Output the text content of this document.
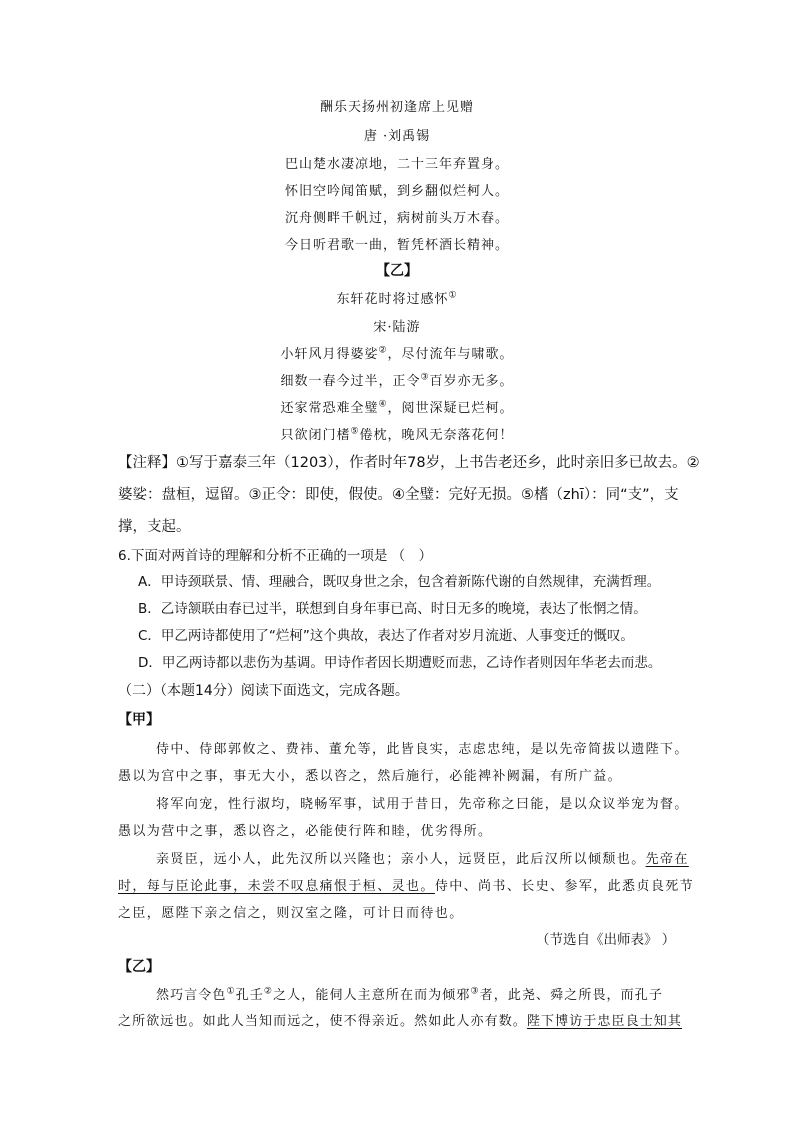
酬乐天扬州初逢席上见赠
唐 ·刘禹锡
巴山楚水凄凉地，二十三年弃置身。
怀旧空吟闻笛赋，到乡翻似烂柯人。
沉舟侧畔千帆过，病树前头万木春。
今日听君歌一曲，暂凭杯酒长精神。
【乙】
东轩花时将过感怀①
宋·陆游
小轩风月得婆娑②，尽付流年与啸歌。
细数一春今过半，正令③百岁亦无多。
还家常恐难全璧④，阅世深疑已烂柯。
只欲闭门榰⑤倦枕，晚风无奈落花何！
【注释】①写于嘉泰三年（1203），作者时年78岁，上书告老还乡，此时亲旧多已故去。②
婆娑：盘桓，逗留。③正令：即使，假使。④全璧：完好无损。⑤榰（zhī）：同“支”，支
撑，支起。
6.下面对两首诗的理解和分析不正确的一项是 （　）
A．甲诗颈联景、情、理融合，既叹身世之余，包含着新陈代谢的自然规律，充满哲理。
B．乙诗颔联由春已过半，联想到自身年事已高、时日无多的晚境，表达了怅惘之情。
C．甲乙两诗都使用了“烂柯”这个典故，表达了作者对岁月流逝、人事变迁的慨叹。
D．甲乙两诗都以悲伤为基调。甲诗作者因长期遭贬而悲，乙诗作者则因年华老去而悲。
（二）（本题14分）阅读下面选文，完成各题。
【甲】
侍中、侍郎郭攸之、费祎、董允等，此皆良实，志虑忠纯，是以先帝简拔以遗陛下。
愚以为宫中之事，事无大小，悉以咨之，然后施行，必能裨补阙漏，有所广益。
将军向宠，性行淑均，晓畅军事，试用于昔日，先帝称之曰能，是以众议举宠为督。
愚以为营中之事，悉以咨之，必能使行阵和睦，优劣得所。
亲贤臣，远小人，此先汉所以兴隆也；亲小人，远贤臣，此后汉所以倾颓也。先帝在
时，每与臣论此事，未尝不叹息痛恨于桓、灵也。侍中、尚书、长史、参军，此悉贞良死节
之臣，愿陛下亲之信之，则汉室之隆，可计日而待也。
（节选自《出师表》 ）
【乙】
然巧言令色①孔壬②之人，能伺人主意所在而为倾邪③者，此尧、舜之所畏，而孔子
之所欲远也。如此人当知而远之，使不得亲近。然如此人亦有数。陛下博访于忠臣良士知其
